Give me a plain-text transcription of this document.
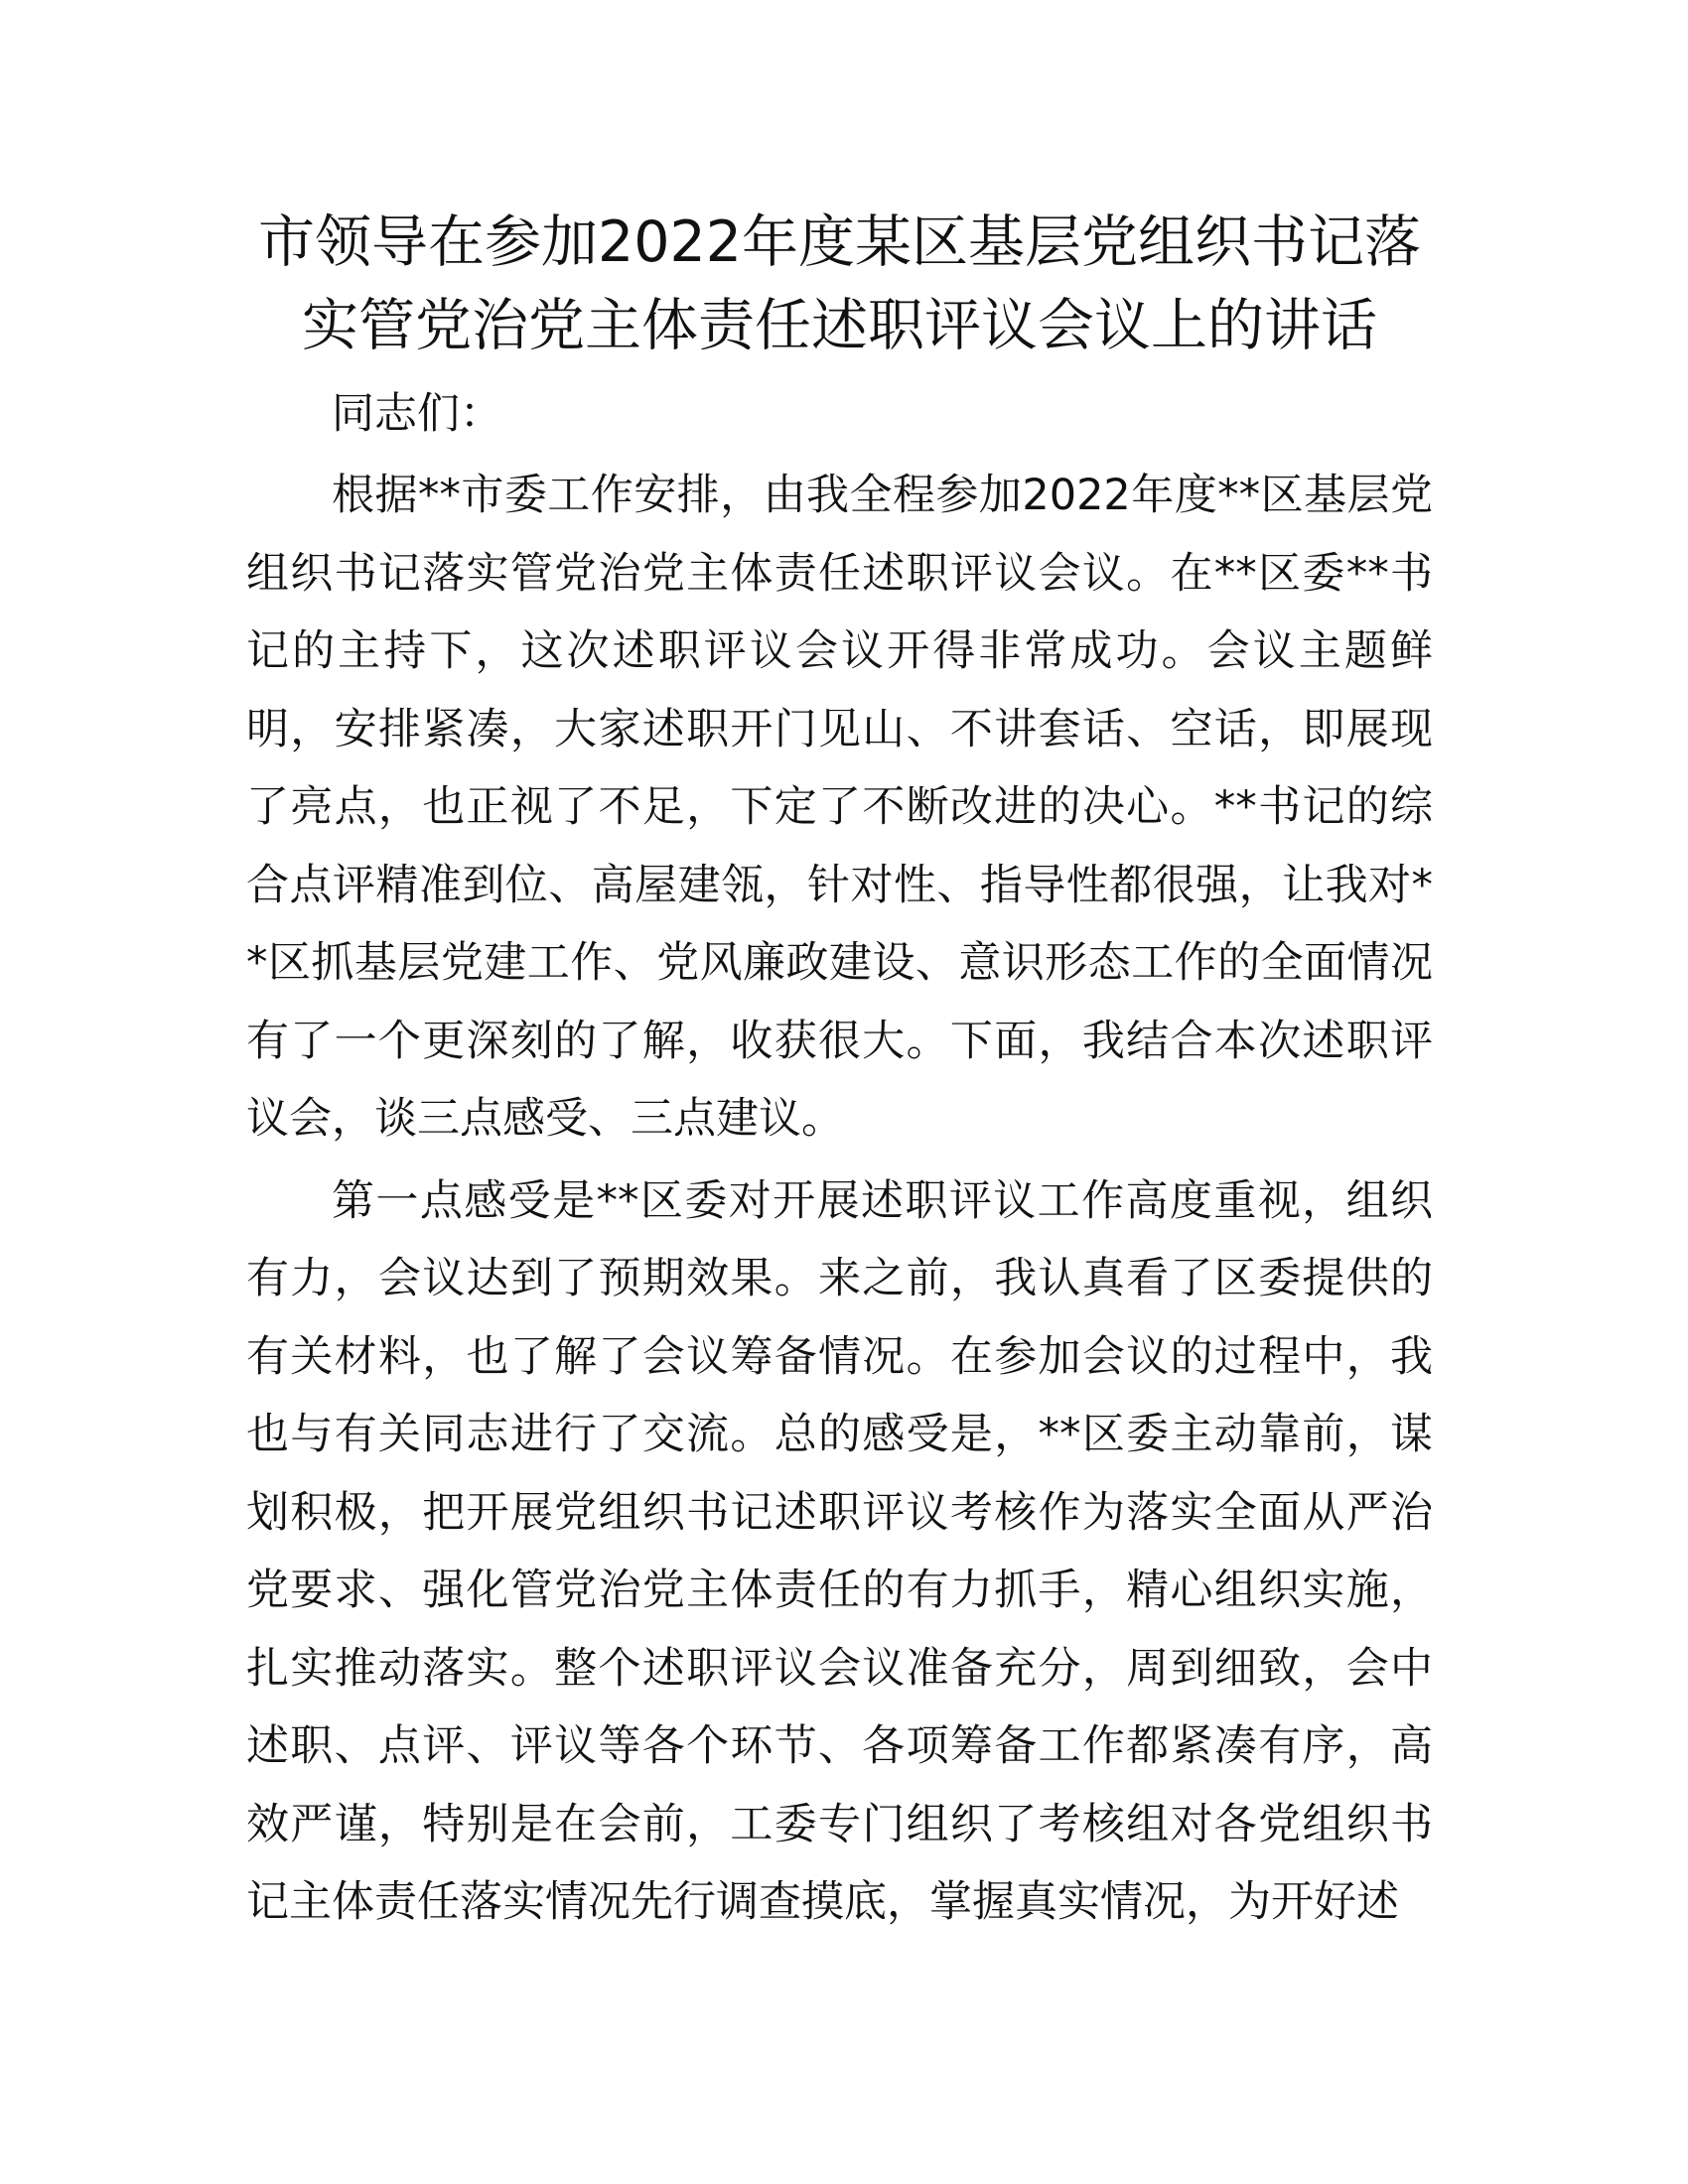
市领导在参加2022年度某区基层党组织书记落
实管党治党主体责任述职评议会议上的讲话

同志们：

根据**市委工作安排，由我全程参加2022年度**区基层党组织书记落实管党治党主体责任述职评议会议。在**区委**书记的主持下，这次述职评议会议开得非常成功。会议主题鲜明，安排紧凑，大家述职开门见山、不讲套话、空话，即展现了亮点，也正视了不足，下定了不断改进的决心。**书记的综合点评精准到位、高屋建瓴，针对性、指导性都很强，让我对**区抓基层党建工作、党风廉政建设、意识形态工作的全面情况有了一个更深刻的了解，收获很大。下面，我结合本次述职评议会，谈三点感受、三点建议。

第一点感受是**区委对开展述职评议工作高度重视，组织有力，会议达到了预期效果。来之前，我认真看了区委提供的有关材料，也了解了会议筹备情况。在参加会议的过程中，我也与有关同志进行了交流。总的感受是，**区委主动靠前，谋划积极，把开展党组织书记述职评议考核作为落实全面从严治党要求、强化管党治党主体责任的有力抓手，精心组织实施，扎实推动落实。整个述职评议会议准备充分，周到细致，会中述职、点评、评议等各个环节、各项筹备工作都紧凑有序，高效严谨，特别是在会前，工委专门组织了考核组对各党组织书记主体责任落实情况先行调查摸底，掌握真实情况，为开好述
